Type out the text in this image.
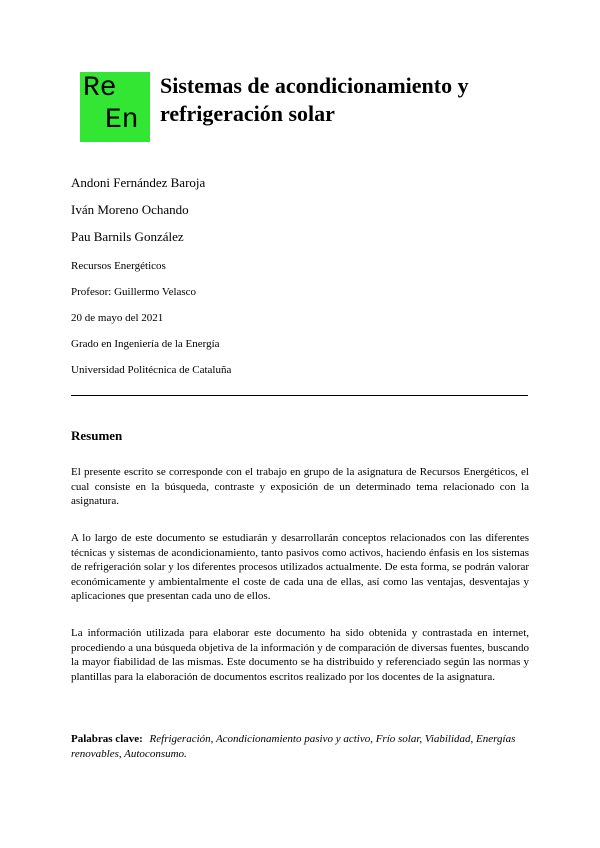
Re
En
Sistemas de acondicionamiento y refrigeración solar
Andoni Fernández Baroja
Iván Moreno Ochando
Pau Barnils González
Recursos Energéticos
Profesor: Guillermo Velasco
20 de mayo del 2021
Grado en Ingeniería de la Energía
Universidad Politécnica de Cataluña
Resumen

El presente escrito se corresponde con el trabajo en grupo de la asignatura de Recursos Energéticos, el cual consiste en la búsqueda, contraste y exposición de un determinado tema relacionado con la asignatura.

A lo largo de este documento se estudiarán y desarrollarán conceptos relacionados con las diferentes técnicas y sistemas de acondicionamiento, tanto pasivos como activos, haciendo énfasis en los sistemas de refrigeración solar y los diferentes procesos utilizados actualmente. De esta forma, se podrán valorar económicamente y ambientalmente el coste de cada una de ellas, así como las ventajas, desventajas y aplicaciones que presentan cada uno de ellos.

La información utilizada para elaborar este documento ha sido obtenida y contrastada en internet, procediendo a una búsqueda objetiva de la información y de comparación de diversas fuentes, buscando la mayor fiabilidad de las mismas. Este documento se ha distribuido y referenciado según las normas y plantillas para la elaboración de documentos escritos realizado por los docentes de la asignatura.

Palabras clave: Refrigeración, Acondicionamiento pasivo y activo, Frío solar, Viabilidad, Energías renovables, Autoconsumo.
